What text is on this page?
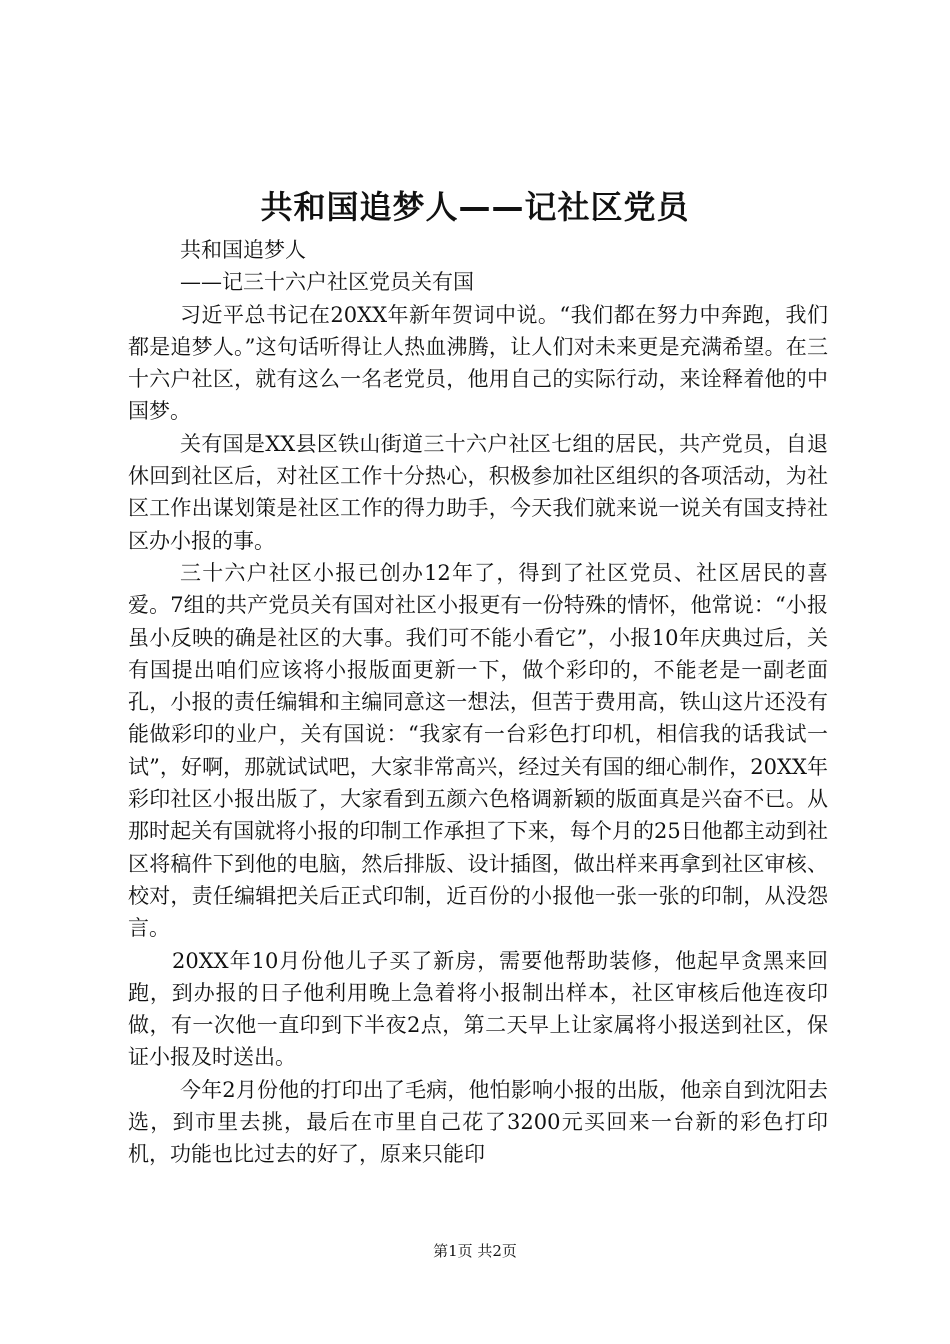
共和国追梦人——记社区党员

共和国追梦人

——记三十六户社区党员关有国

习近平总书记在20XX年新年贺词中说。“我们都在努力中奔跑，我们都是追梦人。”这句话听得让人热血沸腾，让人们对未来更是充满希望。在三十六户社区，就有这么一名老党员，他用自己的实际行动，来诠释着他的中国梦。

关有国是XX县区铁山街道三十六户社区七组的居民，共产党员，自退休回到社区后，对社区工作十分热心，积极参加社区组织的各项活动，为社区工作出谋划策是社区工作的得力助手，今天我们就来说一说关有国支持社区办小报的事。

三十六户社区小报已创办12年了，得到了社区党员、社区居民的喜爱。7组的共产党员关有国对社区小报更有一份特殊的情怀，他常说：“小报虽小反映的确是社区的大事。我们可不能小看它”，小报10年庆典过后，关有国提出咱们应该将小报版面更新一下，做个彩印的，不能老是一副老面孔，小报的责任编辑和主编同意这一想法，但苦于费用高，铁山这片还没有能做彩印的业户，关有国说：“我家有一台彩色打印机，相信我的话我试一试”，好啊，那就试试吧，大家非常高兴，经过关有国的细心制作，20XX年彩印社区小报出版了，大家看到五颜六色格调新颖的版面真是兴奋不已。从那时起关有国就将小报的印制工作承担了下来，每个月的25日他都主动到社区将稿件下到他的电脑，然后排版、设计插图，做出样来再拿到社区审核、校对，责任编辑把关后正式印制，近百份的小报他一张一张的印制，从没怨言。

20XX年10月份他儿子买了新房，需要他帮助装修，他起早贪黑来回跑，到办报的日子他利用晚上急着将小报制出样本，社区审核后他连夜印做，有一次他一直印到下半夜2点，第二天早上让家属将小报送到社区，保证小报及时送出。

今年2月份他的打印出了毛病，他怕影响小报的出版，他亲自到沈阳去选，到市里去挑，最后在市里自己花了3200元买回来一台新的彩色打印机，功能也比过去的好了，原来只能印

第1页 共2页
